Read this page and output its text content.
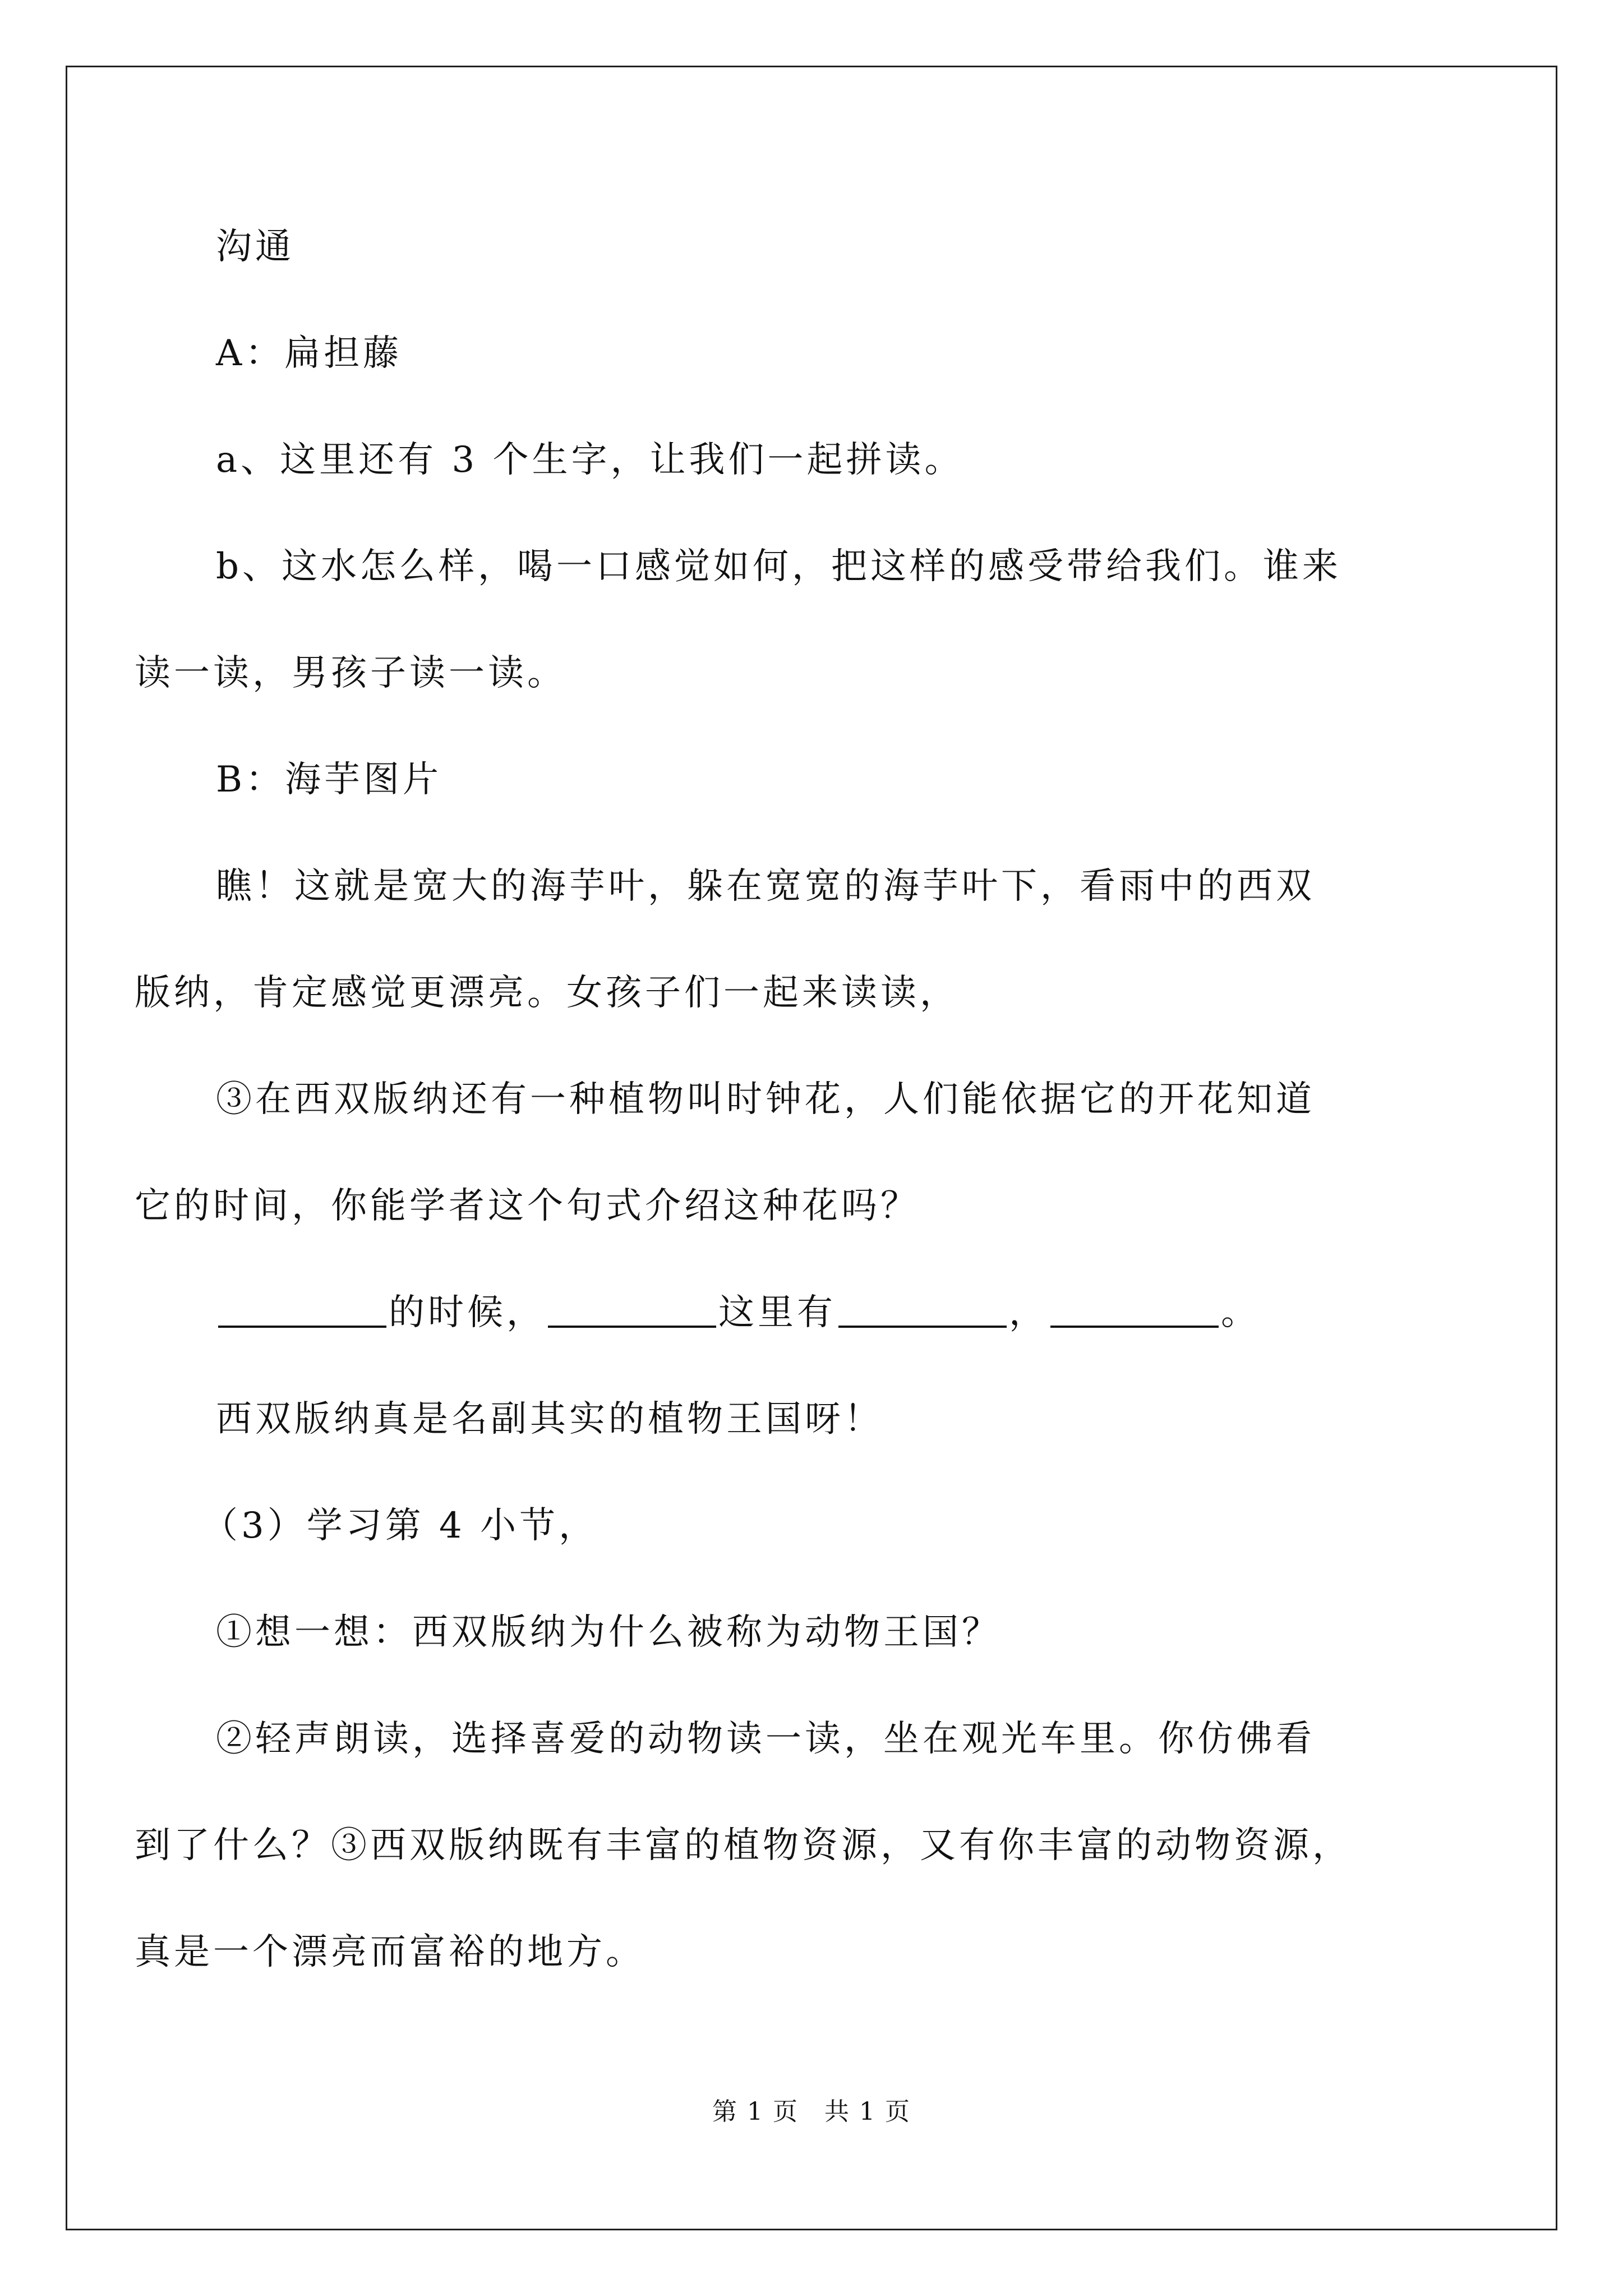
沟通
A：扁担藤
a、这里还有 3 个生字，让我们一起拼读。
b、这水怎么样，喝一口感觉如何，把这样的感受带给我们。谁来
读一读，男孩子读一读。
B：海芋图片
瞧！这就是宽大的海芋叶，躲在宽宽的海芋叶下，看雨中的西双
版纳，肯定感觉更漂亮。女孩子们一起来读读，
③在西双版纳还有一种植物叫时钟花，人们能依据它的开花知道
它的时间，你能学者这个句式介绍这种花吗？
的时候，	这里有	，	。
西双版纳真是名副其实的植物王国呀！
（3）学习第 4 小节，
①想一想：西双版纳为什么被称为动物王国？
②轻声朗读，选择喜爱的动物读一读，坐在观光车里。你仿佛看
到了什么？③西双版纳既有丰富的植物资源，又有你丰富的动物资源，
真是一个漂亮而富裕的地方。
第 1 页　共 1 页
